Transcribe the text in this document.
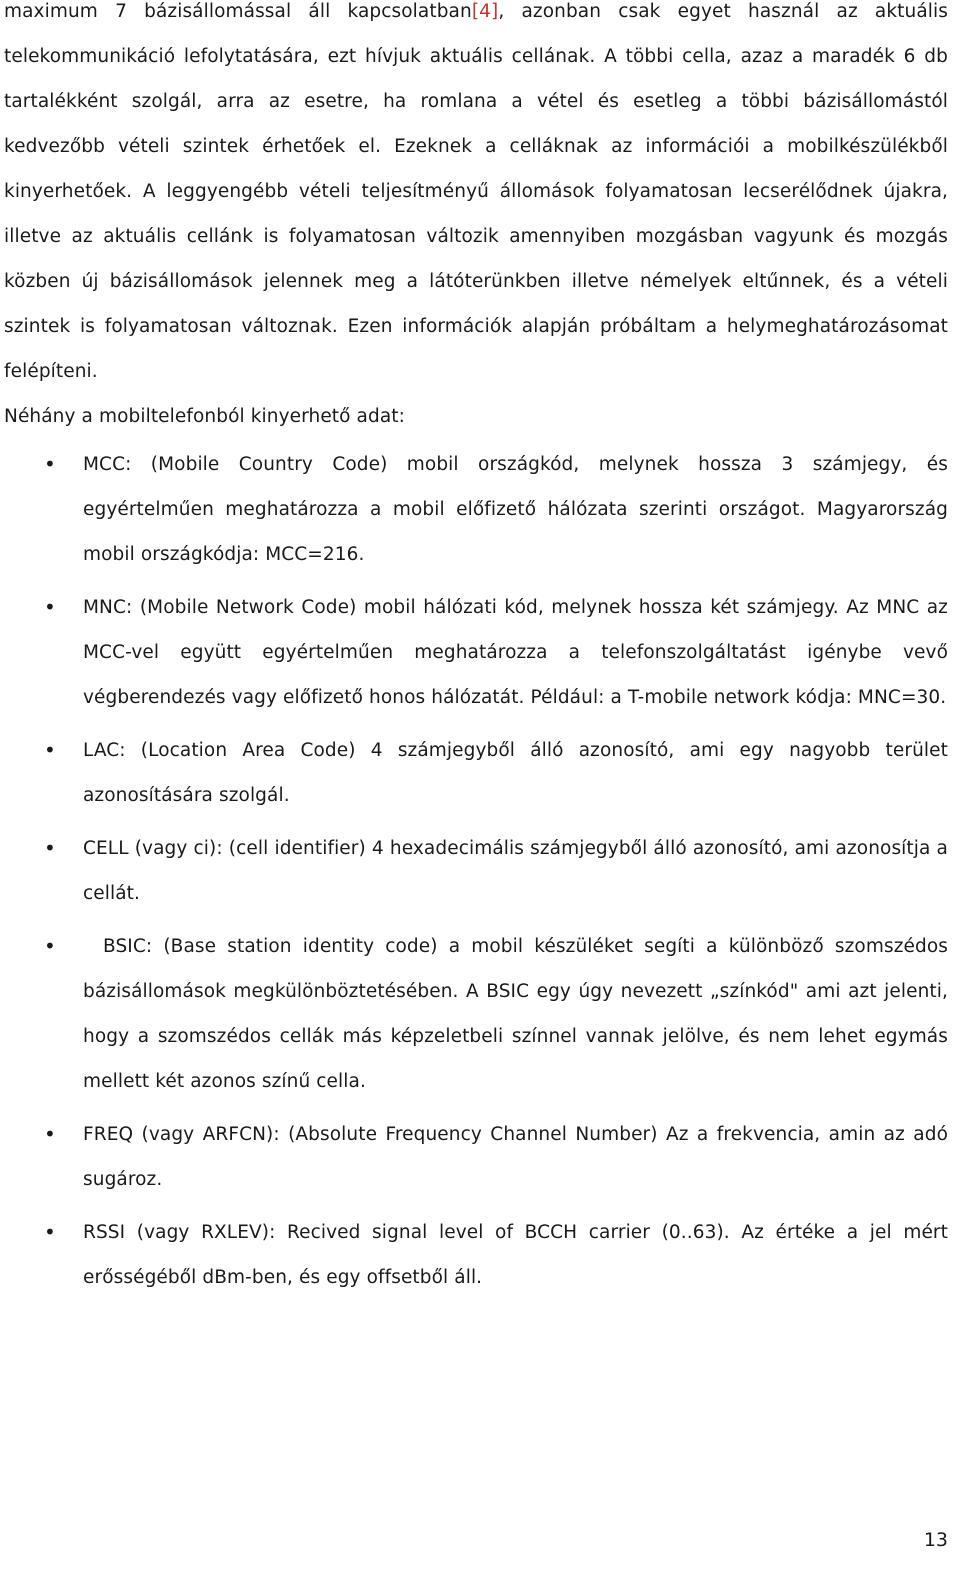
maximum 7 bázisállomással áll kapcsolatban[4], azonban csak egyet használ az aktuális telekommunikáció lefolytatására, ezt hívjuk aktuális cellának. A többi cella, azaz a maradék 6 db tartalékként szolgál, arra az esetre, ha romlana a vétel és esetleg a többi bázisállomástól kedvezőbb vételi szintek érhetőek el. Ezeknek a celláknak az információi a mobilkészülékből kinyerhetőek. A leggyengébb vételi teljesítményű állomások folyamatosan lecserélődnek újakra, illetve az aktuális cellánk is folyamatosan változik amennyiben mozgásban vagyunk és mozgás közben új bázisállomások jelennek meg a látóterünkben illetve némelyek eltűnnek, és a vételi szintek is folyamatosan változnak. Ezen információk alapján próbáltam a helymeghatározásomat felépíteni.

Néhány a mobiltelefonból kinyerhető adat:

• MCC: (Mobile Country Code) mobil országkód, melynek hossza 3 számjegy, és egyértelműen meghatározza a mobil előfizető hálózata szerinti országot. Magyarország mobil országkódja: MCC=216.
• MNC: (Mobile Network Code) mobil hálózati kód, melynek hossza két számjegy. Az MNC az MCC-vel együtt egyértelműen meghatározza a telefonszolgáltatást igénybe vevő végberendezés vagy előfizető honos hálózatát. Például: a T-mobile network kódja: MNC=30.
• LAC: (Location Area Code) 4 számjegyből álló azonosító, ami egy nagyobb terület azonosítására szolgál.
• CELL (vagy ci): (cell identifier) 4 hexadecimális számjegyből álló azonosító, ami azonosítja a cellát.
•	BSIC: (Base station identity code) a mobil készüléket segíti a különböző szomszédos bázisállomások megkülönböztetésében. A BSIC egy úgy nevezett „színkód" ami azt jelenti, hogy a szomszédos cellák más képzeletbeli színnel vannak jelölve, és nem lehet egymás mellett két azonos színű cella.
• FREQ (vagy ARFCN): (Absolute Frequency Channel Number) Az a frekvencia, amin az adó sugároz.
• RSSI (vagy RXLEV): Recived signal level of BCCH carrier (0..63). Az értéke a jel mért erősségéből dBm-ben, és egy offsetből áll.
13
